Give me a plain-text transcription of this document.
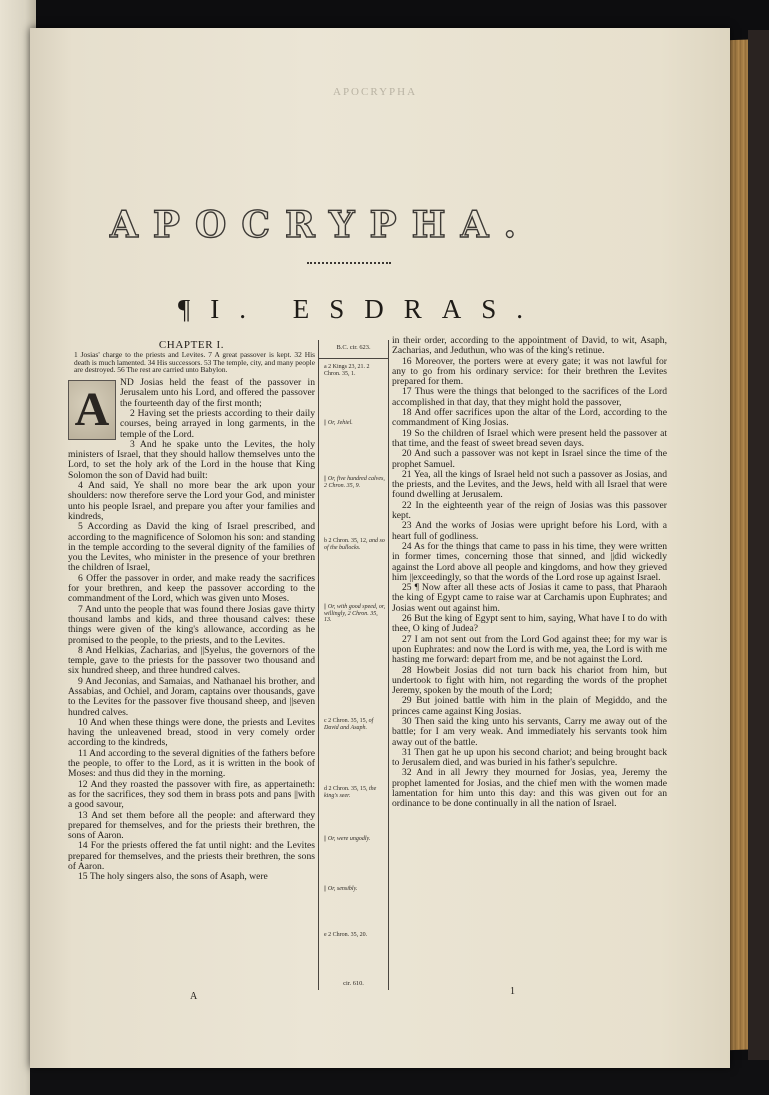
APOCRYPHA
APOCRYPHA.
¶I. ESDRAS.
CHAPTER I.
1 Josias' charge to the priests and Levites. 7 A great passover is kept. 32 His death is much lamented. 34 His successors. 53 The temple, city, and many people are destroyed. 56 The rest are carried unto Babylon.
A
ND Josias held the feast of the passover in Jerusalem unto his Lord, and offered the passover the fourteenth day of the first month;
2 Having set the priests according to their daily courses, being arrayed in long garments, in the temple of the Lord.
3 And he spake unto the Levites, the holy ministers of Israel, that they should hallow themselves unto the Lord, to set the holy ark of the Lord in the house that King Solomon the son of David had built:
4 And said, Ye shall no more bear the ark upon your shoulders: now therefore serve the Lord your God, and minister unto his people Israel, and prepare you after your families and kindreds,
5 According as David the king of Israel prescribed, and according to the magnificence of Solomon his son: and standing in the temple according to the several dignity of the families of you the Levites, who minister in the presence of your brethren the children of Israel,
6 Offer the passover in order, and make ready the sacrifices for your brethren, and keep the passover according to the commandment of the Lord, which was given unto Moses.
7 And unto the people that was found there Josias gave thirty thousand lambs and kids, and three thousand calves: these things were given of the king's allowance, according as he promised to the people, to the priests, and to the Levites.
8 And Helkias, Zacharias, and ||Syelus, the governors of the temple, gave to the priests for the passover two thousand and six hundred sheep, and three hundred calves.
9 And Jeconias, and Samaias, and Nathanael his brother, and Assabias, and Ochiel, and Joram, captains over thousands, gave to the Levites for the passover five thousand sheep, and ||seven hundred calves.
10 And when these things were done, the priests and Levites having the unleavened bread, stood in very comely order according to the kindreds,
11 And according to the several dignities of the fathers before the people, to offer to the Lord, as it is written in the book of Moses: and thus did they in the morning.
12 And they roasted the passover with fire, as appertaineth: as for the sacrifices, they sod them in brass pots and pans ||with a good savour,
13 And set them before all the people: and afterward they prepared for themselves, and for the priests their brethren, the sons of Aaron.
14 For the priests offered the fat until night: and the Levites prepared for themselves, and the priests their brethren, the sons of Aaron.
15 The holy singers also, the sons of Asaph, were
A
B.C. cir. 623.
a 2 Kings 23, 21. 2 Chron. 35, 1.
|| Or, Jehiel.
|| Or, five hundred calves, 2 Chron. 35, 9.
b 2 Chron. 35, 12, and so of the bullocks.
|| Or, with good speed, or, willingly, 2 Chron. 35, 13.
c 2 Chron. 35, 15, of David and Asaph.
d 2 Chron. 35, 15, the king's seer.
|| Or, were ungodly.
|| Or, sensibly.
e 2 Chron. 35, 20.
cir. 610.
in their order, according to the appointment of David, to wit, Asaph, Zacharias, and Jeduthun, who was of the king's retinue.
16 Moreover, the porters were at every gate; it was not lawful for any to go from his ordinary service: for their brethren the Levites prepared for them.
17 Thus were the things that belonged to the sacrifices of the Lord accomplished in that day, that they might hold the passover,
18 And offer sacrifices upon the altar of the Lord, according to the commandment of King Josias.
19 So the children of Israel which were present held the passover at that time, and the feast of sweet bread seven days.
20 And such a passover was not kept in Israel since the time of the prophet Samuel.
21 Yea, all the kings of Israel held not such a passover as Josias, and the priests, and the Levites, and the Jews, held with all Israel that were found dwelling at Jerusalem.
22 In the eighteenth year of the reign of Josias was this passover kept.
23 And the works of Josias were upright before his Lord, with a heart full of godliness.
24 As for the things that came to pass in his time, they were written in former times, concerning those that sinned, and ||did wickedly against the Lord above all people and kingdoms, and how they grieved him ||exceedingly, so that the words of the Lord rose up against Israel.
25 ¶ Now after all these acts of Josias it came to pass, that Pharaoh the king of Egypt came to raise war at Carchamis upon Euphrates; and Josias went out against him.
26 But the king of Egypt sent to him, saying, What have I to do with thee, O king of Judea?
27 I am not sent out from the Lord God against thee; for my war is upon Euphrates: and now the Lord is with me, yea, the Lord is with me hasting me forward: depart from me, and be not against the Lord.
28 Howbeit Josias did not turn back his chariot from him, but undertook to fight with him, not regarding the words of the prophet Jeremy, spoken by the mouth of the Lord;
29 But joined battle with him in the plain of Megiddo, and the princes came against King Josias.
30 Then said the king unto his servants, Carry me away out of the battle; for I am very weak. And immediately his servants took him away out of the battle.
31 Then gat he up upon his second chariot; and being brought back to Jerusalem died, and was buried in his father's sepulchre.
32 And in all Jewry they mourned for Josias, yea, Jeremy the prophet lamented for Josias, and the chief men with the women made lamentation for him unto this day: and this was given out for an ordinance to be done continually in all the nation of Israel.
1
